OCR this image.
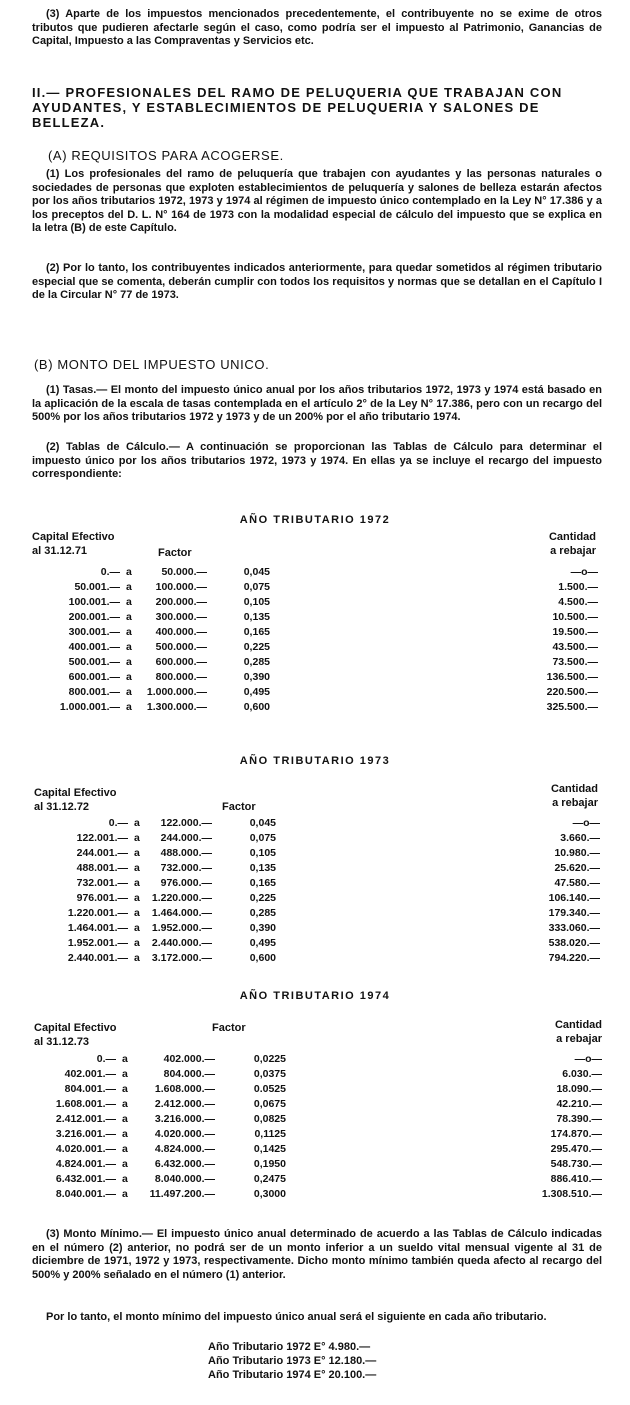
(3) Aparte de los impuestos mencionados precedentemente, el contribuyente no se exime de otros tributos que pudieren afectarle según el caso, como podría ser el impuesto al Patrimonio, Ganancias de Capital, Impuesto a las Compraventas y Servicios etc.
II.— PROFESIONALES DEL RAMO DE PELUQUERIA QUE TRABAJAN CON AYUDANTES, Y ESTABLECIMIENTOS DE PELUQUERIA Y SALONES DE BELLEZA.
(A) REQUISITOS PARA ACOGERSE.
(1) Los profesionales del ramo de peluquería que trabajen con ayudantes y las personas naturales o sociedades de personas que exploten establecimientos de peluquería y salones de belleza estarán afectos por los años tributarios 1972, 1973 y 1974 al régimen de impuesto único contemplado en la Ley N° 17.386 y a los preceptos del D. L. N° 164 de 1973 con la modalidad especial de cálculo del impuesto que se explica en la letra (B) de este Capítulo.
(2) Por lo tanto, los contribuyentes indicados anteriormente, para quedar sometidos al régimen tributario especial que se comenta, deberán cumplir con todos los requisitos y normas que se detallan en el Capítulo I de la Circular N° 77 de 1973.
(B) MONTO DEL IMPUESTO UNICO.
(1) Tasas.— El monto del impuesto único anual por los años tributarios 1972, 1973 y 1974 está basado en la aplicación de la escala de tasas contemplada en el artículo 2° de la Ley N° 17.386, pero con un recargo del 500% por los años tributarios 1972 y 1973 y de un 200% por el año tributario 1974.
(2) Tablas de Cálculo.— A continuación se proporcionan las Tablas de Cálculo para determinar el impuesto único por los años tributarios 1972, 1973 y 1974. En ellas ya se incluye el recargo del impuesto correspondiente:
AÑO TRIBUTARIO 1972
Capital Efectivo
al 31.12.71	Factor
Cantidad
a rebajar
0.— a	50.000.—	0,045	—o—
50.001.— a 100.000.—	0,075	1.500.—
100.001.— a 200.000.—	0,105	4.500.—
200.001.— a 300.000.—	0,135	10.500.—
300.001.— a 400.000.—	0,165	19.500.—
400.001.— a 500.000.—	0,225	43.500.—
500.001.— a 600.000.—	0,285	73.500.—
600.001.— a 800.000.—	0,390	136.500.—
800.001.— a 1.000.000.—	0,495	220.500.—
1.000.001.— a 1.300.000.—	0,600	325.500.—
AÑO TRIBUTARIO 1973
Capital Efectivo
al 31.12.72	Factor
Cantidad
a rebajar
0.— a 122.000.—	0,045	—o—
122.001.— a 244.000.—	0,075	3.660.—
244.001.— a 488.000.—	0,105	10.980.—
488.001.— a 732.000.—	0,135	25.620.—
732.001.— a 976.000.—	0,165	47.580.—
976.001.— a 1.220.000.—	0,225	106.140.—
1.220.001.— a 1.464.000.—	0,285	179.340.—
1.464.001.— a 1.952.000.—	0,390	333.060.—
1.952.001.— a 2.440.000.—	0,495	538.020.—
2.440.001.— a 3.172.000.—	0,600	794.220.—
AÑO TRIBUTARIO 1974
Capital Efectivo
al 31.12.73
Factor	Cantidad
a rebajar
0.— a	402.000.—	0,0225	—o—
402.001.— a	804.000.—	0,0375	6.030.—
804.001.— a	1.608.000.—	0.0525	18.090.—
1.608.001.— a	2.412.000.—	0,0675	42.210.—
2.412.001.— a	3.216.000.—	0,0825	78.390.—
3.216.001.— a	4.020.000.—	0,1125	174.870.—
4.020.001.— a	4.824.000.—	0,1425	295.470.—
4.824.001.— a	6.432.000.—	0,1950	548.730.—
6.432.001.— a	8.040.000.—	0,2475	886.410.—
8.040.001.— a 11.497.200.—	0,3000	1.308.510.—
(3) Monto Mínimo.— El impuesto único anual determinado de acuerdo a las Tablas de Cálculo indicadas en el número (2) anterior, no podrá ser de un monto inferior a un sueldo vital mensual vigente al 31 de diciembre de 1971, 1972 y 1973, respectivamente. Dicho monto mínimo también queda afecto al recargo del 500% y 200% señalado en el número (1) anterior.
Por lo tanto, el monto mínimo del impuesto único anual será el siguiente en cada año tributario.
Año Tributario 1972 E° 4.980.—
Año Tributario 1973 E° 12.180.—
Año Tributario 1974 E° 20.100.—
